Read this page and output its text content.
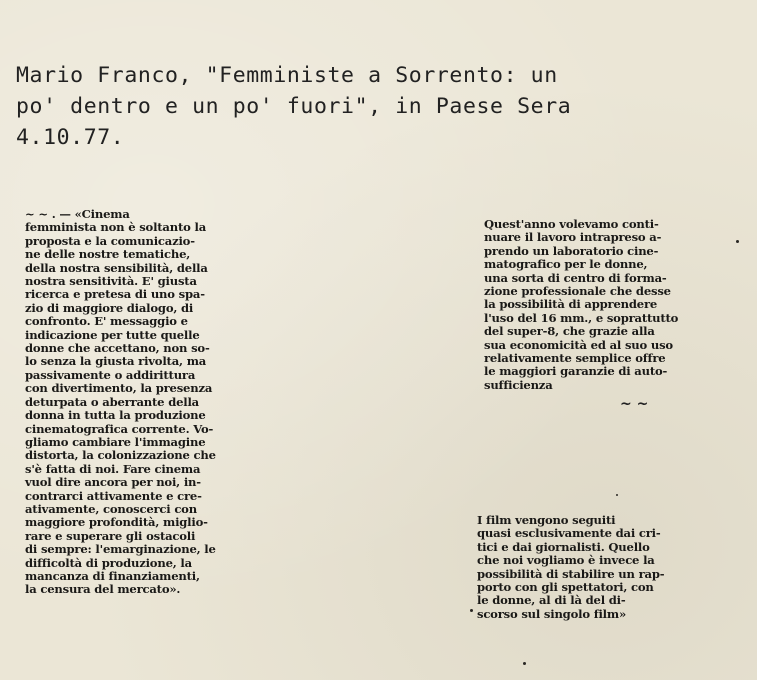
Mario Franco, "Femministe a Sorrento: un
po' dentro e un po' fuori", in Paese Sera
4.10.77.
~ ~ . — «Cinema
femminista non è soltanto la
proposta e la comunicazio-
ne delle nostre tematiche,
della nostra sensibilità, della
nostra sensitività. E' giusta
ricerca e pretesa di uno spa-
zio di maggiore dialogo, di
confronto. E' messaggio e
indicazione per tutte quelle
donne che accettano, non so-
lo senza la giusta rivolta, ma
passivamente o addirittura
con divertimento, la presenza
deturpata o aberrante della
donna in tutta la produzione
cinematografica corrente. Vo-
gliamo cambiare l'immagine
distorta, la colonizzazione che
s'è fatta di noi. Fare cinema
vuol dire ancora per noi, in-
contrarci attivamente e cre-
ativamente, conoscerci con
maggiore profondità, miglio-
rare e superare gli ostacoli
di sempre: l'emarginazione, le
difficoltà di produzione, la
mancanza di finanziamenti,
la censura del mercato».
Quest'anno volevamo conti-
nuare il lavoro intrapreso a-
prendo un laboratorio cine-
matografico per le donne,
una sorta di centro di forma-
zione professionale che desse
la possibilità di apprendere
l'uso del 16 mm., e soprattutto
del super-8, che grazie alla
sua economicità ed al suo uso
relativamente semplice offre
le maggiori garanzie di auto-
sufficienza
I film vengono seguiti
quasi esclusivamente dai cri-
tici e dai giornalisti. Quello
che noi vogliamo è invece la
possibilità di stabilire un rap-
porto con gli spettatori, con
le donne, al di là del di-
scorso sul singolo film»
~ ~
